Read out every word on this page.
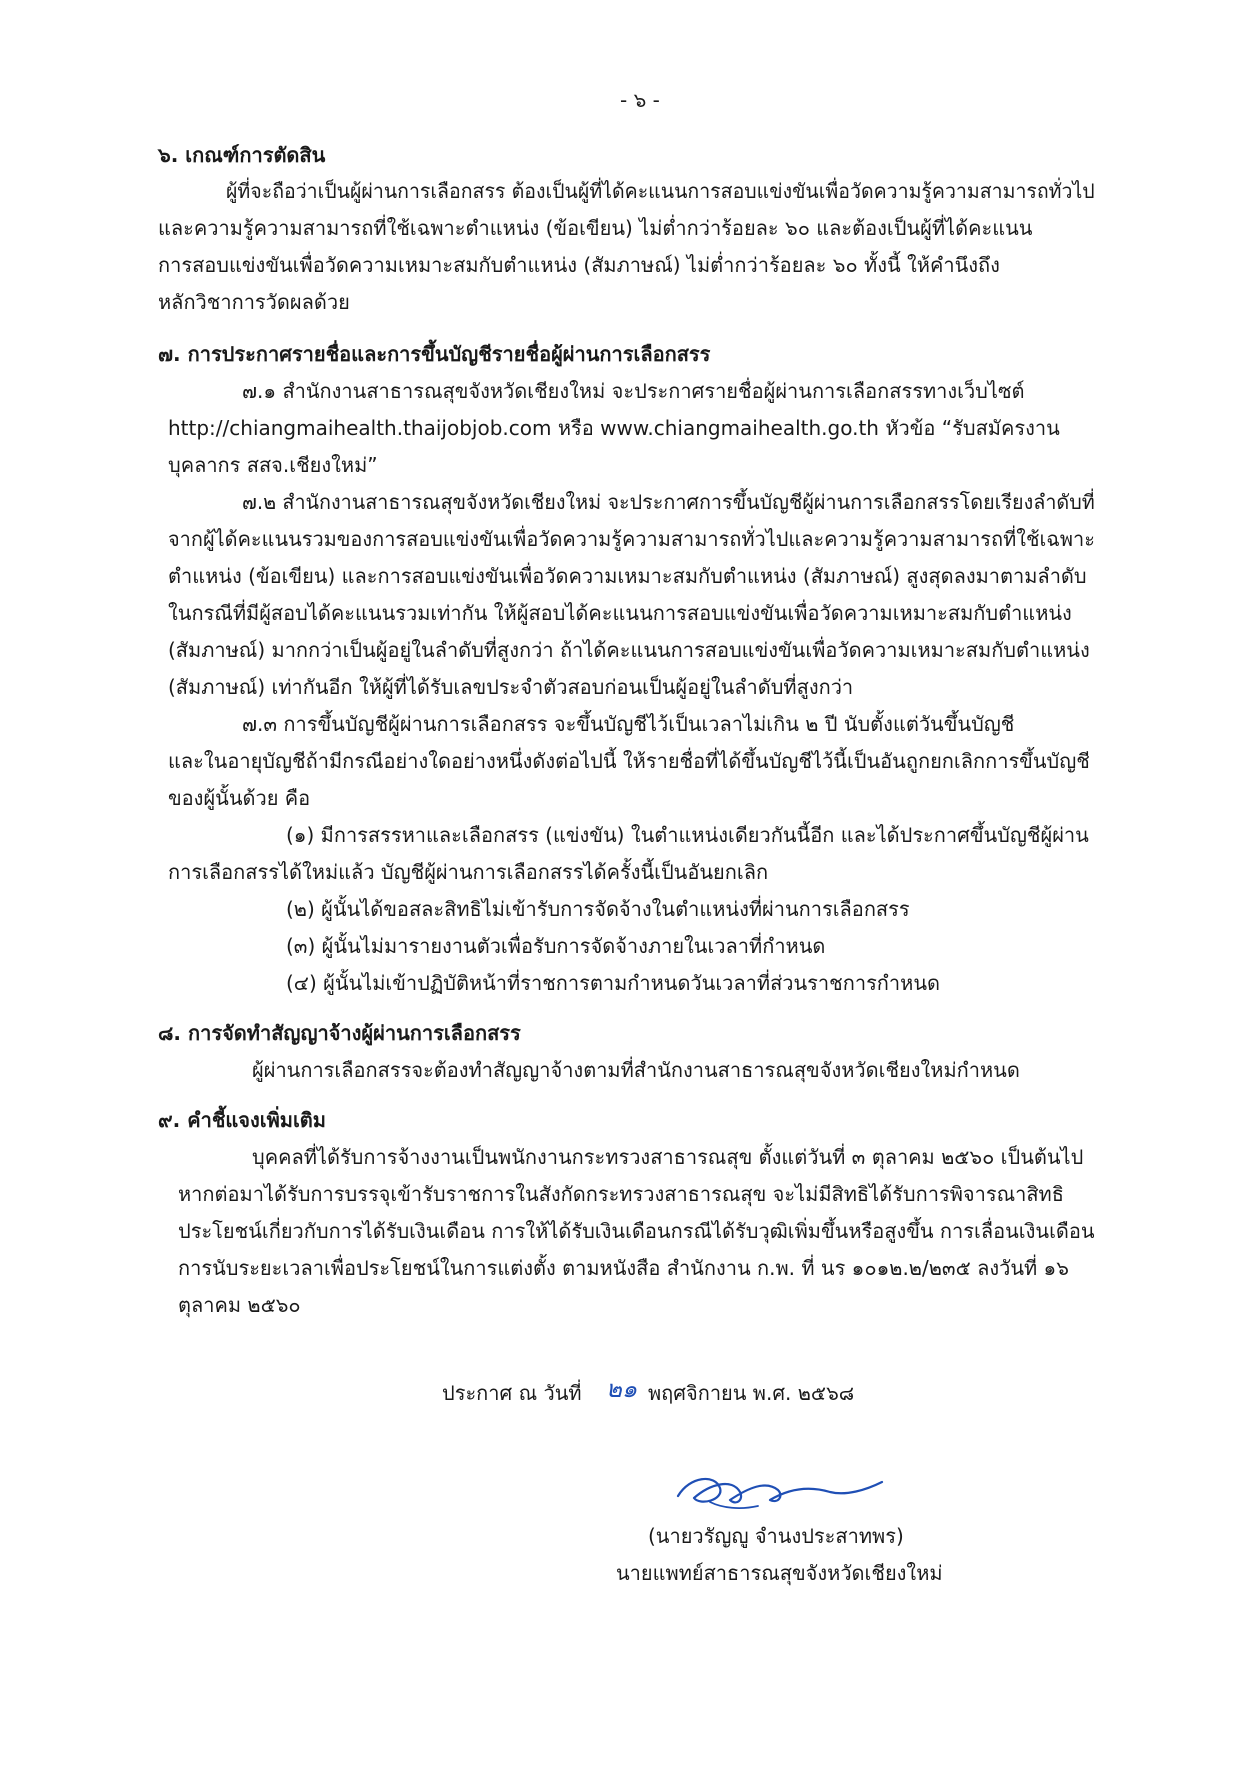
- ๖ -
๖. เกณฑ์การตัดสิน
ผู้ที่จะถือว่าเป็นผู้ผ่านการเลือกสรร ต้องเป็นผู้ที่ได้คะแนนการสอบแข่งขันเพื่อวัดความรู้ความสามารถทั่วไป
และความรู้ความสามารถที่ใช้เฉพาะตำแหน่ง (ข้อเขียน) ไม่ต่ำกว่าร้อยละ ๖๐ และต้องเป็นผู้ที่ได้คะแนน
การสอบแข่งขันเพื่อวัดความเหมาะสมกับตำแหน่ง (สัมภาษณ์) ไม่ต่ำกว่าร้อยละ ๖๐ ทั้งนี้ ให้คำนึงถึง
หลักวิชาการวัดผลด้วย
๗. การประกาศรายชื่อและการขึ้นบัญชีรายชื่อผู้ผ่านการเลือกสรร
๗.๑ สำนักงานสาธารณสุขจังหวัดเชียงใหม่ จะประกาศรายชื่อผู้ผ่านการเลือกสรรทางเว็บไซต์
http://chiangmaihealth.thaijobjob.com หรือ www.chiangmaihealth.go.th หัวข้อ “รับสมัครงาน
บุคลากร สสจ.เชียงใหม่”
๗.๒ สำนักงานสาธารณสุขจังหวัดเชียงใหม่ จะประกาศการขึ้นบัญชีผู้ผ่านการเลือกสรรโดยเรียงลำดับที่
จากผู้ได้คะแนนรวมของการสอบแข่งขันเพื่อวัดความรู้ความสามารถทั่วไปและความรู้ความสามารถที่ใช้เฉพาะ
ตำแหน่ง (ข้อเขียน) และการสอบแข่งขันเพื่อวัดความเหมาะสมกับตำแหน่ง (สัมภาษณ์) สูงสุดลงมาตามลำดับ
ในกรณีที่มีผู้สอบได้คะแนนรวมเท่ากัน ให้ผู้สอบได้คะแนนการสอบแข่งขันเพื่อวัดความเหมาะสมกับตำแหน่ง
(สัมภาษณ์) มากกว่าเป็นผู้อยู่ในลำดับที่สูงกว่า ถ้าได้คะแนนการสอบแข่งขันเพื่อวัดความเหมาะสมกับตำแหน่ง
(สัมภาษณ์) เท่ากันอีก ให้ผู้ที่ได้รับเลขประจำตัวสอบก่อนเป็นผู้อยู่ในลำดับที่สูงกว่า
๗.๓ การขึ้นบัญชีผู้ผ่านการเลือกสรร จะขึ้นบัญชีไว้เป็นเวลาไม่เกิน ๒ ปี นับตั้งแต่วันขึ้นบัญชี
และในอายุบัญชีถ้ามีกรณีอย่างใดอย่างหนึ่งดังต่อไปนี้ ให้รายชื่อที่ได้ขึ้นบัญชีไว้นี้เป็นอันถูกยกเลิกการขึ้นบัญชี
ของผู้นั้นด้วย คือ
(๑) มีการสรรหาและเลือกสรร (แข่งขัน) ในตำแหน่งเดียวกันนี้อีก และได้ประกาศขึ้นบัญชีผู้ผ่าน
การเลือกสรรได้ใหม่แล้ว บัญชีผู้ผ่านการเลือกสรรได้ครั้งนี้เป็นอันยกเลิก
(๒) ผู้นั้นได้ขอสละสิทธิไม่เข้ารับการจัดจ้างในตำแหน่งที่ผ่านการเลือกสรร
(๓) ผู้นั้นไม่มารายงานตัวเพื่อรับการจัดจ้างภายในเวลาที่กำหนด
(๔) ผู้นั้นไม่เข้าปฏิบัติหน้าที่ราชการตามกำหนดวันเวลาที่ส่วนราชการกำหนด
๘. การจัดทำสัญญาจ้างผู้ผ่านการเลือกสรร
ผู้ผ่านการเลือกสรรจะต้องทำสัญญาจ้างตามที่สำนักงานสาธารณสุขจังหวัดเชียงใหม่กำหนด
๙. คำชี้แจงเพิ่มเติม
บุคคลที่ได้รับการจ้างงานเป็นพนักงานกระทรวงสาธารณสุข ตั้งแต่วันที่ ๓ ตุลาคม ๒๕๖๐ เป็นต้นไป
หากต่อมาได้รับการบรรจุเข้ารับราชการในสังกัดกระทรวงสาธารณสุข จะไม่มีสิทธิได้รับการพิจารณาสิทธิ
ประโยชน์เกี่ยวกับการได้รับเงินเดือน การให้ได้รับเงินเดือนกรณีได้รับวุฒิเพิ่มขึ้นหรือสูงขึ้น การเลื่อนเงินเดือน
การนับระยะเวลาเพื่อประโยชน์ในการแต่งตั้ง ตามหนังสือ สำนักงาน ก.พ. ที่ นร ๑๐๑๒.๒/๒๓๕ ลงวันที่ ๑๖
ตุลาคม ๒๕๖๐
ประกาศ ณ วันที่ ๒๑ พฤศจิกายน พ.ศ. ๒๕๖๘
(นายวรัญญู จำนงประสาทพร)
นายแพทย์สาธารณสุขจังหวัดเชียงใหม่
